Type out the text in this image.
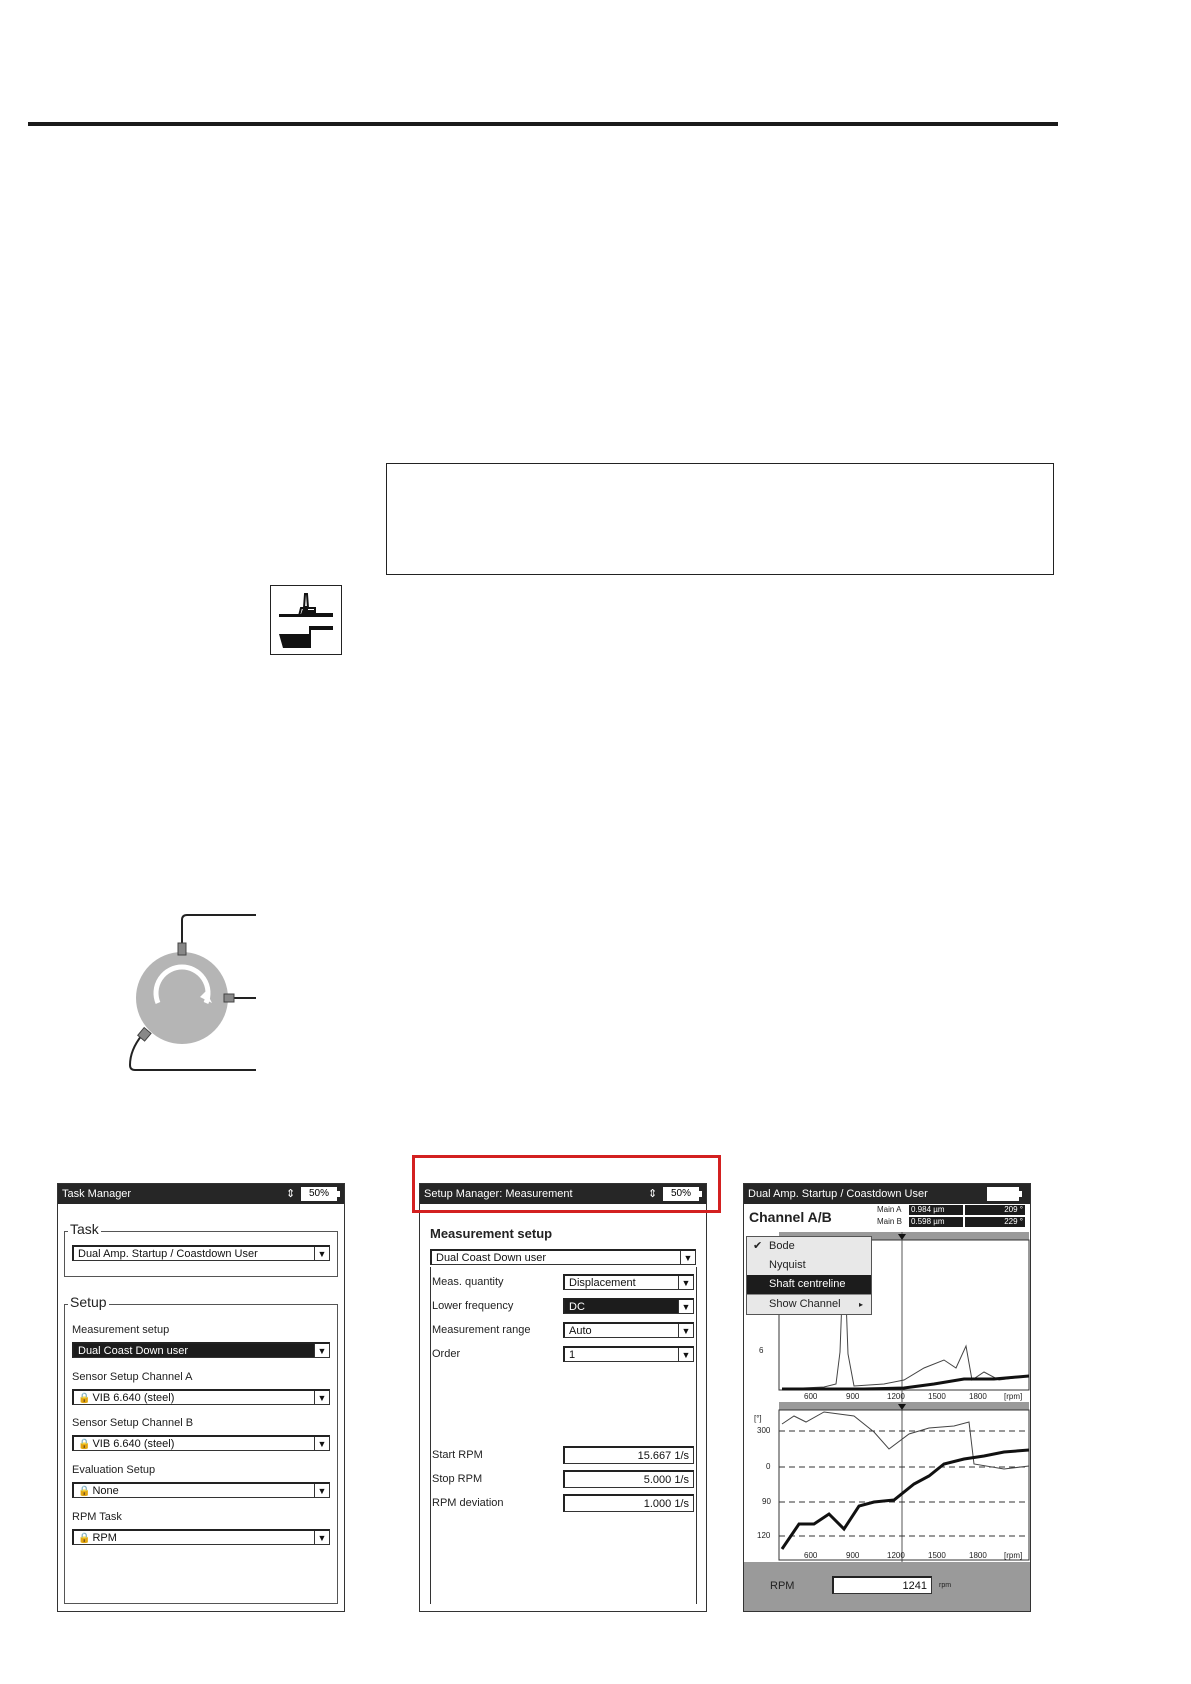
Task Manager	⇕	50%
Task
Dual Amp. Startup / Coastdown User	▼
Setup
Measurement setup
Dual Coast Down user	▼
Sensor Setup Channel A
🔒 VIB 6.640 (steel)	▼
Sensor Setup Channel B
🔒 VIB 6.640 (steel)	▼
Evaluation Setup
🔒 None	▼
RPM Task
🔒 RPM	▼
Setup Manager: Measurement	⇕	50%
Measurement setup
Dual Coast Down user	▼
Meas. quantity	Displacement	▼
Lower frequency	DC	▼
Measurement range	Auto	▼
Order	1	▼
Start RPM	15.667 1/s
Stop RPM	5.000 1/s
RPM deviation	1.000 1/s
Dual Amp. Startup / Coastdown User
Channel A/B	Main A 0.984 µm	209 °
Main B 0.598 µm	229 °
6
[°]
300
0
90
120
600	900	1200	1500	1800 [rpm]
600	900	1200	1500	1800 [rpm]
RPM	1241	rpm
✔ Bode
Nyquist
Shaft centreline
Show Channel ▸
